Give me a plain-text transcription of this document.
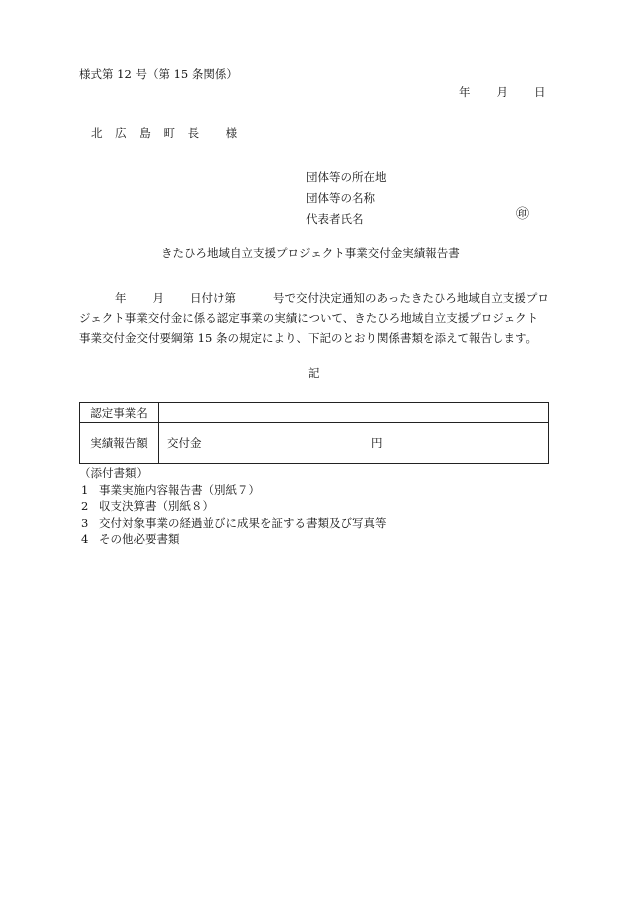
様式第 12 号（第 15 条関係）
年 月 日
北 広 島 町 長 様
団体等の所在地
団体等の名称
代表者氏名	㊞
きたひろ地域自立支援プロジェクト事業交付金実績報告書
年 月 日付け第	号で交付決定通知のあったきたひろ地域自立支援プロ
ジェクト事業交付金に係る認定事業の実績について、きたひろ地域自立支援プロジェクト
事業交付金交付要綱第 15 条の規定により、下記のとおり関係書類を添えて報告します。
記
認定事業名	
実績報告額	交付金 円
（添付書類）
1 事業実施内容報告書（別紙７）
2 収支決算書（別紙８）
3 交付対象事業の経過並びに成果を証する書類及び写真等
4 その他必要書類
